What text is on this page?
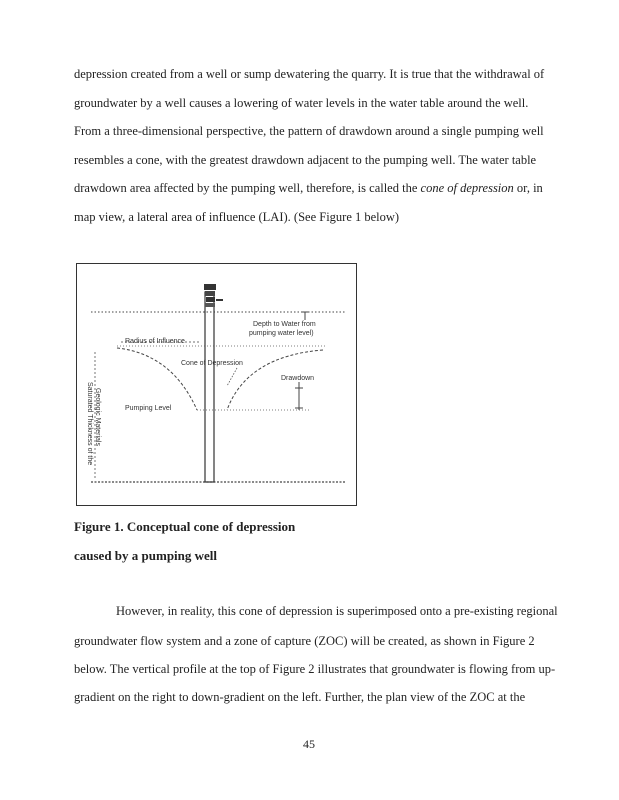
depression created from a well or sump dewatering the quarry. It is true that the withdrawal of
groundwater by a well causes a lowering of water levels in the water table around the well.
From a three-dimensional perspective, the pattern of drawdown around a single pumping well
resembles a cone, with the greatest drawdown adjacent to the pumping well. The water table
drawdown area affected by the pumping well, therefore, is called the cone of depression or, in
map view, a lateral area of influence (LAI). (See Figure 1 below)
Depth to Water from
pumping water level)
Radius of Influence
Cone of Depression
Drawdown
Pumping Level
Saturated Thickness of the Geologic Materials
Figure 1. Conceptual cone of depression
caused by a pumping well
However, in reality, this cone of depression is superimposed onto a pre-existing regional
groundwater flow system and a zone of capture (ZOC) will be created, as shown in Figure 2
below. The vertical profile at the top of Figure 2 illustrates that groundwater is flowing from up-
gradient on the right to down-gradient on the left. Further, the plan view of the ZOC at the
45
